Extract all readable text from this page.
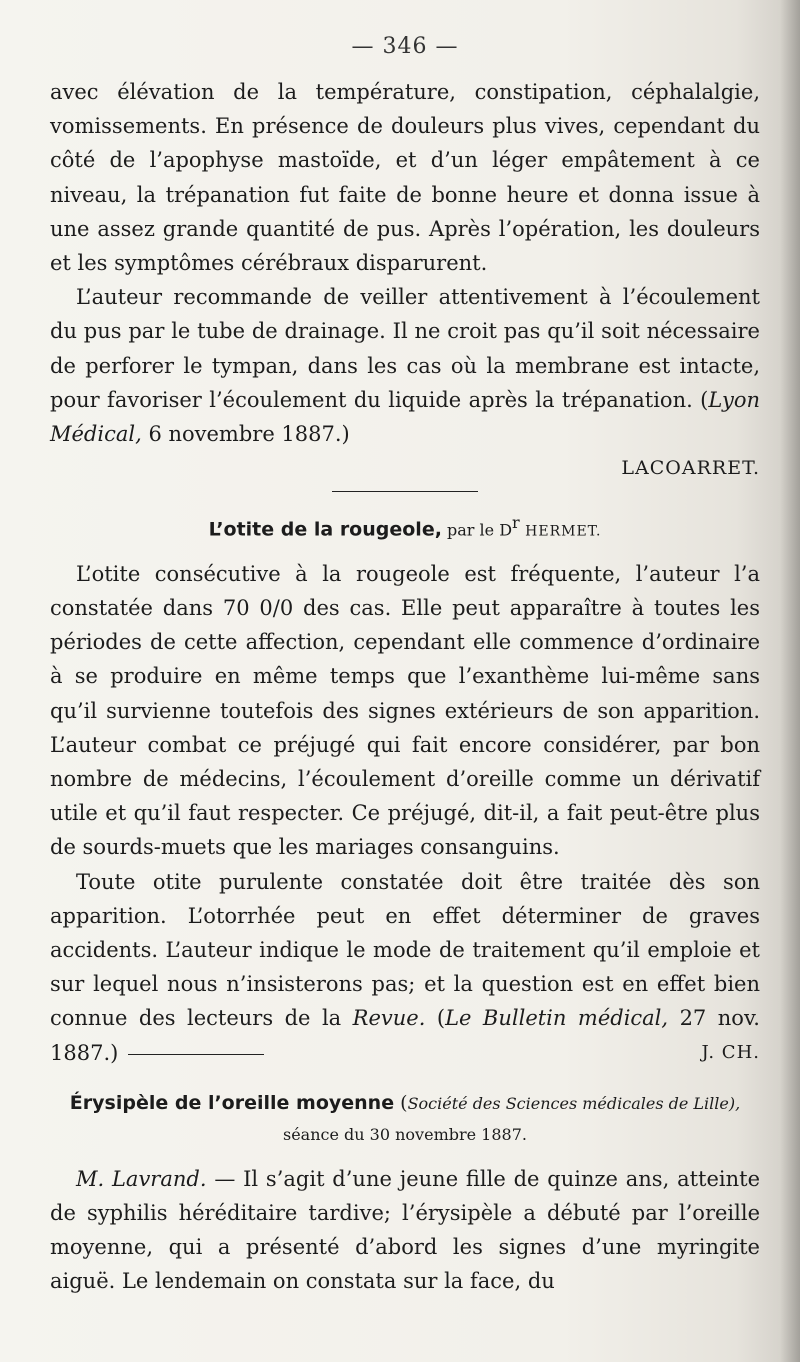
— 346 —

avec élévation de la température, constipation, céphalalgie, vomissements. En présence de douleurs plus vives, cependant du côté de l’apophyse mastoïde, et d’un léger empâtement à ce niveau, la trépanation fut faite de bonne heure et donna issue à une assez grande quantité de pus. Après l’opération, les douleurs et les symptômes cérébraux disparurent.

L’auteur recommande de veiller attentivement à l’écoulement du pus par le tube de drainage. Il ne croit pas qu’il soit nécessaire de perforer le tympan, dans les cas où la membrane est intacte, pour favoriser l’écoulement du liquide après la trépanation. (Lyon Médical, 6 novembre 1887.)

LACOARRET.

L’otite de la rougeole, par le $D^r$ HERMET.

L’otite consécutive à la rougeole est fréquente, l’auteur l’a constatée dans 70 0/0 des cas. Elle peut apparaître à toutes les périodes de cette affection, cependant elle commence d’ordinaire à se produire en même temps que l’exanthème lui-même sans qu’il survienne toutefois des signes extérieurs de son apparition. L’auteur combat ce préjugé qui fait encore considérer, par bon nombre de médecins, l’écoulement d’oreille comme un dérivatif utile et qu’il faut respecter. Ce préjugé, dit-il, a fait peut-être plus de sourds-muets que les mariages consanguins.

Toute otite purulente constatée doit être traitée dès son apparition. L’otorrhée peut en effet déterminer de graves accidents. L’auteur indique le mode de traitement qu’il emploie et sur lequel nous n’insisterons pas; et la question est en effet bien connue des lecteurs de la Revue. (Le Bulletin médical, 27 nov. 1887.)	J. CH.

Érysipèle de l’oreille moyenne (Société des Sciences médicales de Lille), séance du 30 novembre 1887.

M. Lavrand. — Il s’agit d’une jeune fille de quinze ans, atteinte de syphilis héréditaire tardive; l’érysipèle a débuté par l’oreille moyenne, qui a présenté d’abord les signes d’une myringite aiguë. Le lendemain on constata sur la face, du
